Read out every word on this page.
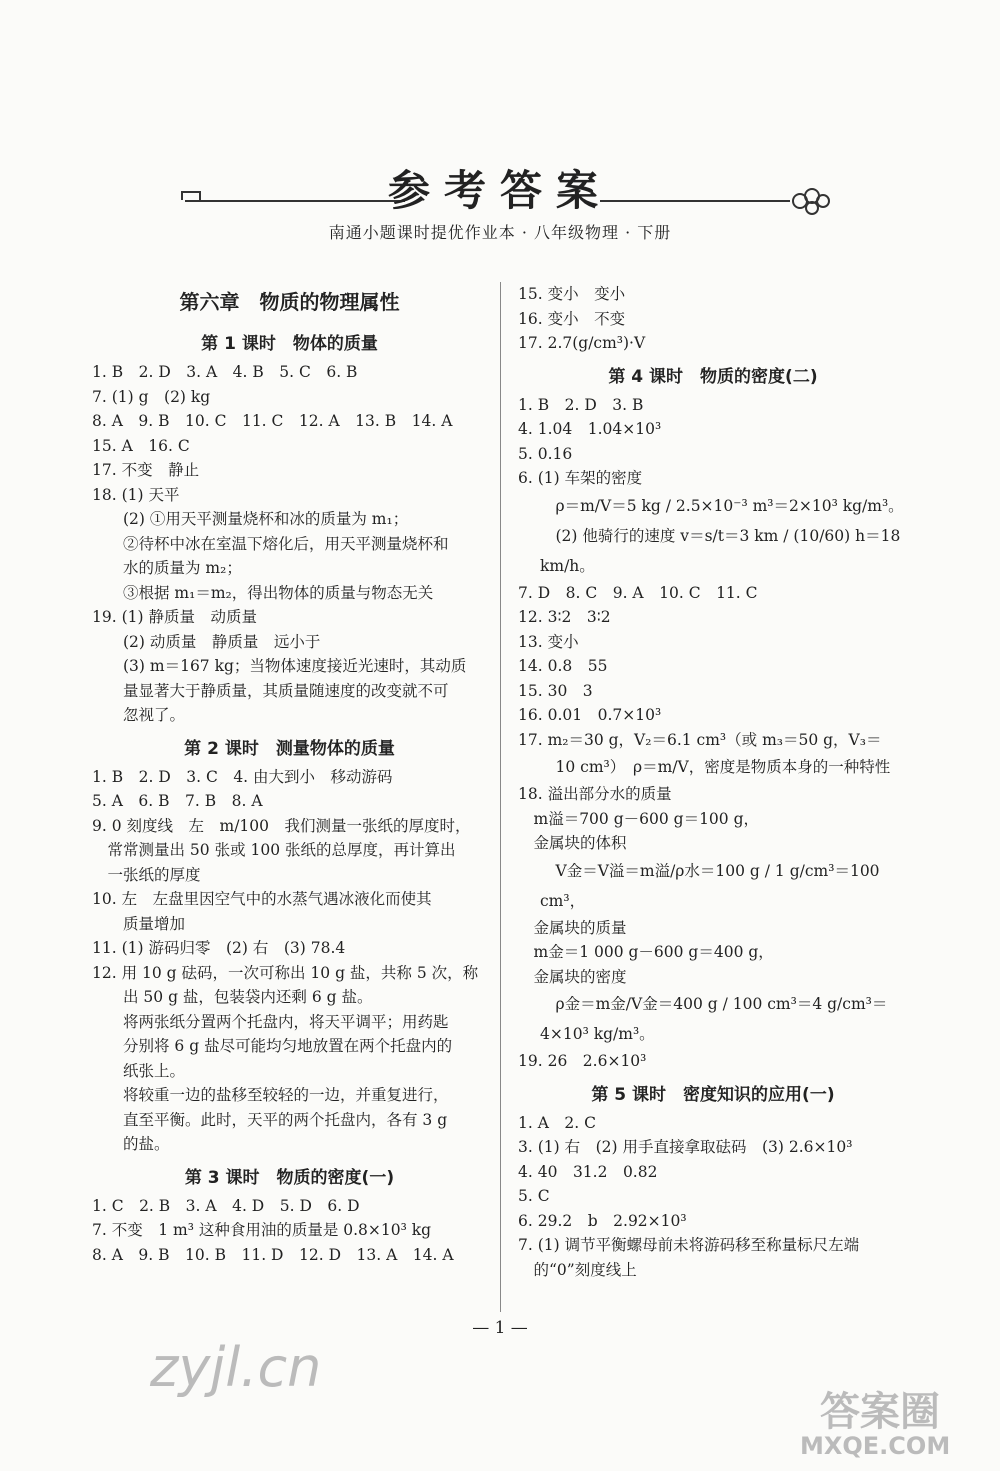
参考答案
南通小题课时提优作业本 · 八年级物理 · 下册
第六章　物质的物理属性
第 1 课时　物体的质量
1. B　2. D　3. A　4. B　5. C　6. B
7. (1) g　(2) kg
8. A　9. B　10. C　11. C　12. A　13. B　14. A
15. A　16. C
17. 不变　静止
18. (1) 天平
　　(2) ①用天平测量烧杯和冰的质量为 m₁；
　　②待杯中冰在室温下熔化后，用天平测量烧杯和
　　水的质量为 m₂；
　　③根据 m₁＝m₂，得出物体的质量与物态无关
19. (1) 静质量　动质量
　　(2) 动质量　静质量　远小于
　　(3) m＝167 kg；当物体速度接近光速时，其动质
　　量显著大于静质量，其质量随速度的改变就不可
　　忽视了。
第 2 课时　测量物体的质量
1. B　2. D　3. C　4. 由大到小　移动游码
5. A　6. B　7. B　8. A
9. 0 刻度线　左　m/100　我们测量一张纸的厚度时，
　常常测量出 50 张或 100 张纸的总厚度，再计算出
　一张纸的厚度
10. 左　左盘里因空气中的水蒸气遇冰液化而使其
　　质量增加
11. (1) 游码归零　(2) 右　(3) 78.4
12. 用 10 g 砝码，一次可称出 10 g 盐，共称 5 次，称
　　出 50 g 盐，包装袋内还剩 6 g 盐。
　　将两张纸分置两个托盘内，将天平调平；用药匙
　　分别将 6 g 盐尽可能均匀地放置在两个托盘内的
　　纸张上。
　　将较重一边的盐移至较轻的一边，并重复进行，
　　直至平衡。此时，天平的两个托盘内，各有 3 g
　　的盐。
第 3 课时　物质的密度(一)
1. C　2. B　3. A　4. D　5. D　6. D
7. 不变　1 m³ 这种食用油的质量是 0.8×10³ kg
8. A　9. B　10. B　11. D　12. D　13. A　14. A
15. 变小　变小
16. 变小　不变
17. 2.7(g/cm³)·V
第 4 课时　物质的密度(二)
1. B　2. D　3. B
4. 1.04　1.04×10³
5. 0.16
6. (1) 车架的密度
　ρ＝m/V＝5 kg / 2.5×10⁻³ m³＝2×10³ kg/m³。
　(2) 他骑行的速度 v＝s/t＝3 km / (10/60) h＝18 km/h。
7. D　8. C　9. A　10. C　11. C
12. 3∶2　3∶2
13. 变小
14. 0.8　55
15. 30　3
16. 0.01　0.7×10³
17. m₂＝30 g，V₂＝6.1 cm³（或 m₃＝50 g，V₃＝
　10 cm³）　ρ＝m/V，密度是物质本身的一种特性
18. 溢出部分水的质量
　m溢＝700 g－600 g＝100 g，
　金属块的体积
　V金＝V溢＝m溢/ρ水＝100 g / 1 g/cm³＝100 cm³，
　金属块的质量
　m金＝1 000 g－600 g＝400 g，
　金属块的密度
　ρ金＝m金/V金＝400 g / 100 cm³＝4 g/cm³＝4×10³ kg/m³。
19. 26　2.6×10³
第 5 课时　密度知识的应用(一)
1. A　2. C
3. (1) 右　(2) 用手直接拿取砝码　(3) 2.6×10³
4. 40　31.2　0.82
5. C
6. 29.2　b　2.92×10³
7. (1) 调节平衡螺母前未将游码移至称量标尺左端
　的“0”刻度线上
— 1 —
zyjl.cn
答案圈
MXQE.COM
